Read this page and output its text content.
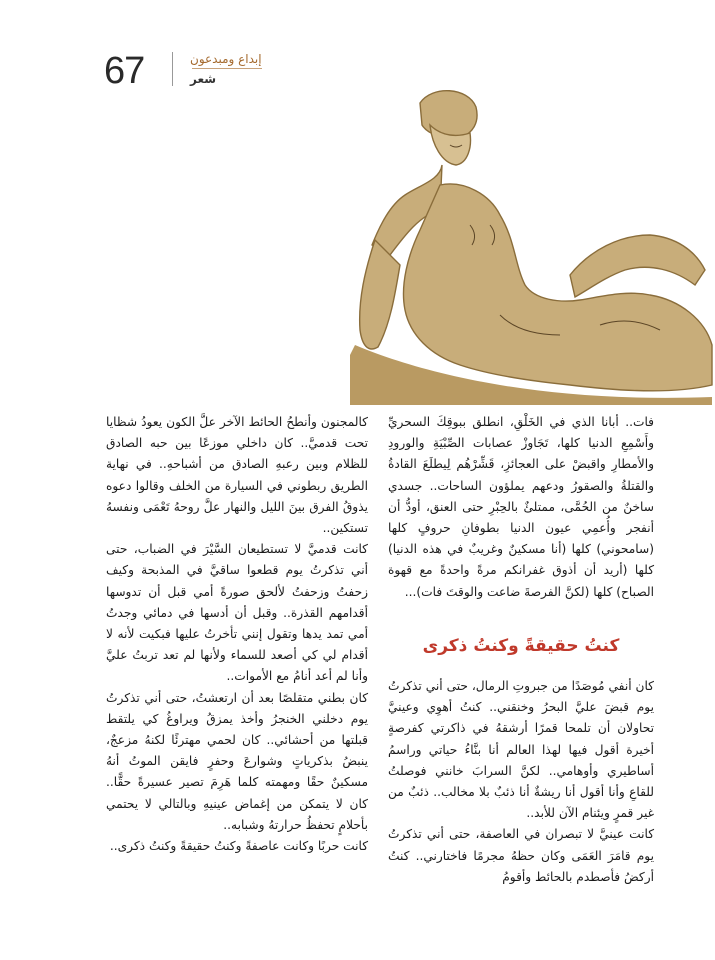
67	إبداع ومبدعون
شعر

فات.. أبانا الذي في الخَلْقِ، انطلق ببوقِكَ السحريِّ وأَسْمِعِ الدنيا كلها، تَجَاوزْ عصابات الصِّبْيَةِ والورودِ والأمطارِ واقبضْ على العجائزِ، قَشِّرْهُم لِيطلَعَ القادةُ والقتلةُ والصقورُ ودعهم يملؤون الساحات.. جسدي ساخنٌ من الحُمَّى، ممتلئٌ بالحِبْرِ حتى العنق، أودُّ أن أنفجر وأُعمِي عيون الدنيا بطوفانِ حروفٍ كلها (سامحوني) كلها (أنا مسكينٌ وغريبٌ في هذه الدنيا) كلها (أريد أن أذوق غفرانكم مرةً واحدةً مع قهوة الصباح) كلها (لكنَّ الفرصةَ ضاعت والوقتَ فات)...

كنتُ حقيقةً وكنتُ ذكرى

كان أنفي مُوصَدًا من جبروتِ الرمال، حتى أني تذكرتُ يوم قبضَ عليَّ البحرُ وخنقني.. كنتُ أهوِي وعينيَّ تحاولان أن تلمحا قمرًا أرشقهُ في ذاكرتي كفرصةٍ أخيرة أقول فيها لهذا العالم أنا بنَّاءُ حياتي وراسمُ أساطيري وأوهامي.. لكنَّ السرابَ خانني فوصلتُ للقاعِ وأنا أقول أنا ريشةٌ أنا ذئبٌ بلا مخالب.. ذئبٌ من غير قمرٍ ويئنام الآن للأبد..

كانت عينيَّ لا تبصران في العاصفة، حتى أني تذكرتُ يوم قامَرَ العَمَى وكان حظهُ مجرمًا فاختارني.. كنتُ أركضُ فأصطدم بالحائط وأقومُ

كالمجنون وأنطحُ الحائط الآخر علَّ الكون يعودُ شظايا تحت قدميَّ.. كان داخلي موزعًا بين حبه الصادق للظلام وبين رعبهِ الصادق من أشباحهِ.. في نهاية الطريق ربطوني في السيارة من الخلف وقالوا دعوه يذوقُ الفرق بينَ الليل والنهار علَّ روحهُ تَعْمَى ونفسهُ تستكين..

كانت قدميَّ لا تستطيعان السَّيْرَ في الضباب، حتى أني تذكرتُ يوم قطعوا ساقيَّ في المذبحة وكيف زحفتُ وزحفتُ لألحق صورةً أمي قبل أن تدوسها أقدامهم القذرة.. وقبل أن أدسها في دمائي وجدتُ أمي تمد يدها وتقول إنني تأخرتُ عليها فبكيت لأنه لا أقدام لي كي أصعد للسماء ولأنها لم تعد تربتُ عليَّ وأنا لم أعد أنامُ مع الأموات..

كان بطني متقلصًا بعد أن ارتعشتُ، حتى أني تذكرتُ يوم دخلني الخنجرُ وأخذ يمزقُ ويراوغُ كي يلتقط قبلتها من أحشائي.. كان لحمي مهترئًا لكنهُ مزعجٌ، ينبضُ بذكرياتٍ وشوارعَ وحفرٍ فايقن الموتُ أنهُ مسكينٌ حقًا ومهمته كلما هَرِمَ تصير عسيرةً حقًّا.. كان لا يتمكن من إغماض عينيهِ وبالتالي لا يحتمي بأحلامٍ تحفظُ حرارتهُ وشبابه..

كانت حربًا وكانت عاصفةً وكنتُ حقيقةً وكنتُ ذكرى..
